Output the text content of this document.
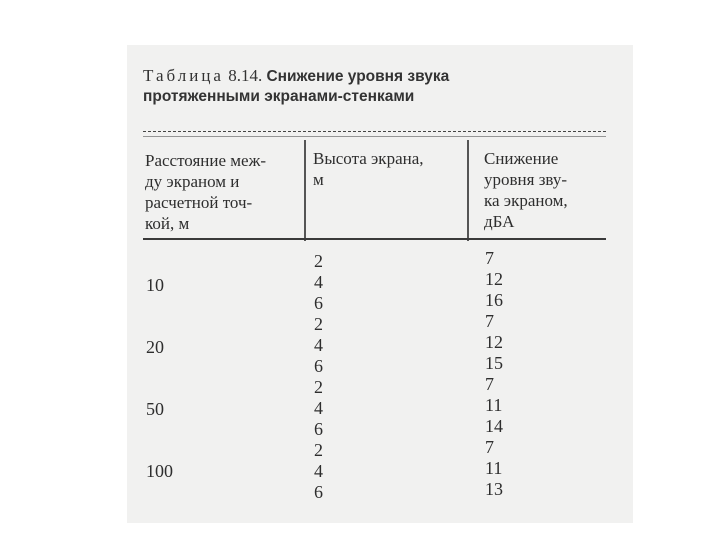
Таблица 8.14. Снижение уровня звука
протяженными экранами-стенками
Расстояние меж-
ду экраном и
расчетной точ-
кой, м
Высота экрана,
м
Снижение
уровня зву-
ка экраном,
дБА
10
20
50
100
2
4
6
2
4
6
2
4
6
2
4
6
7
12
16
7
12
15
7
11
14
7
11
13
